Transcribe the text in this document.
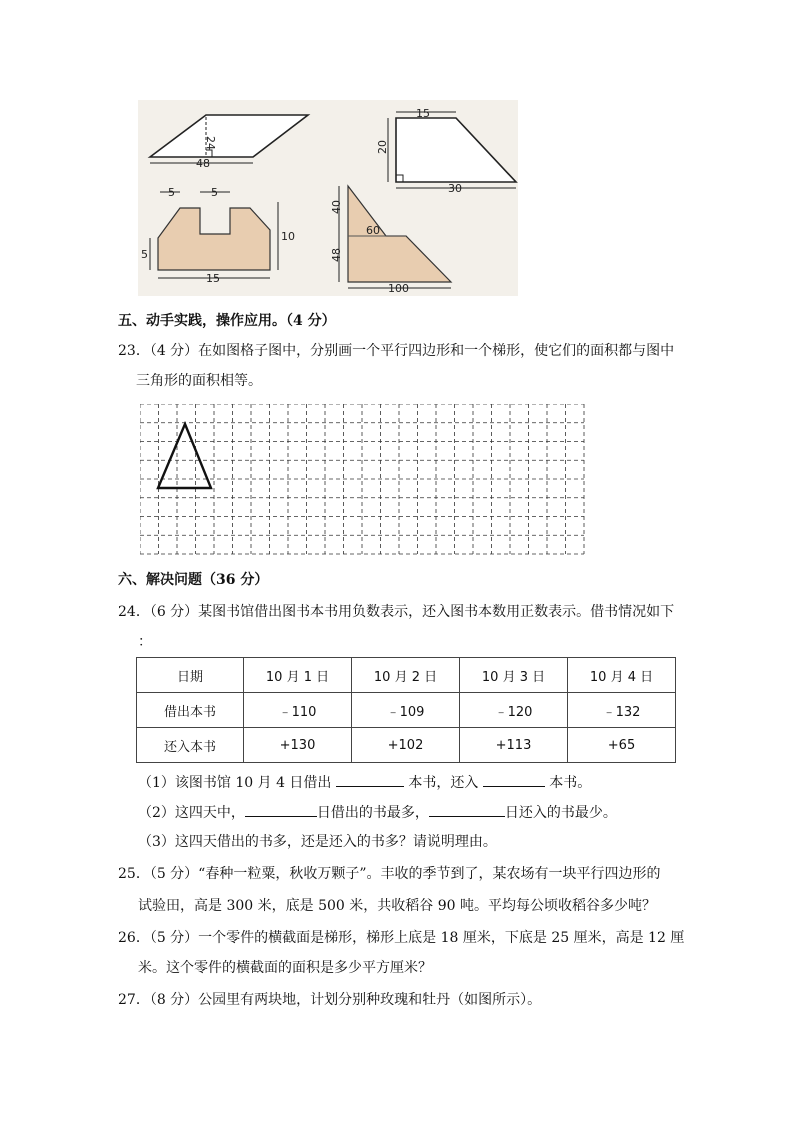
24
48
15
20
30
5	5
5
10
15
60
40
48
100
五、动手实践，操作应用。（4 分）
23．（4 分）在如图格子图中，分别画一个平行四边形和一个梯形，使它们的面积都与图中
三角形的面积相等。
六、解决问题（36 分）
24．（6 分）某图书馆借出图书本书用负数表示，还入图书本数用正数表示。借书情况如下
：
日期	10 月 1 日	10 月 2 日	10 月 3 日	10 月 4 日
借出本书	﹣110	﹣109	﹣120	﹣132
还入本书	+130	+102	+113	+65
（1）该图书馆 10 月 4 日借出	本书，还入	本书。
（2）这四天中，	日借出的书最多，	日还入的书最少。
（3）这四天借出的书多，还是还入的书多？请说明理由。
25．（5 分）“春种一粒粟，秋收万颗子”。丰收的季节到了，某农场有一块平行四边形的
试验田，高是 300 米，底是 500 米，共收稻谷 90 吨。平均每公顷收稻谷多少吨？
26．（5 分）一个零件的横截面是梯形，梯形上底是 18 厘米，下底是 25 厘米，高是 12 厘
米。这个零件的横截面的面积是多少平方厘米？
27．（8 分）公园里有两块地，计划分别种玫瑰和牡丹（如图所示）。
